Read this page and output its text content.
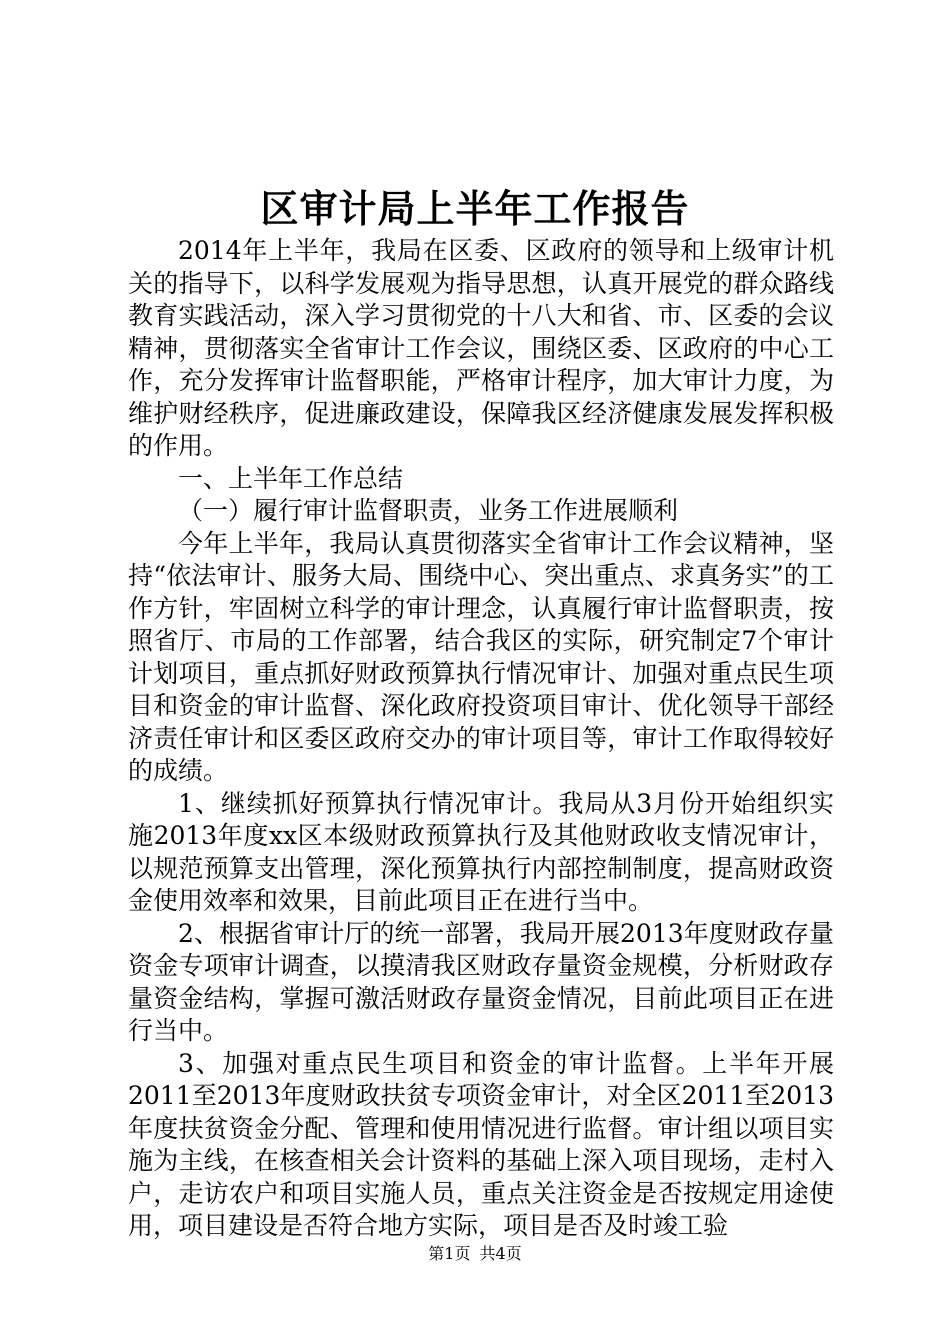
区审计局上半年工作报告

2014年上半年，我局在区委、区政府的领导和上级审计机关的指导下，以科学发展观为指导思想，认真开展党的群众路线教育实践活动，深入学习贯彻党的十八大和省、市、区委的会议精神，贯彻落实全省审计工作会议，围绕区委、区政府的中心工作，充分发挥审计监督职能，严格审计程序，加大审计力度，为维护财经秩序，促进廉政建设，保障我区经济健康发展发挥积极的作用。

一、上半年工作总结

（一）履行审计监督职责，业务工作进展顺利

今年上半年，我局认真贯彻落实全省审计工作会议精神，坚持“依法审计、服务大局、围绕中心、突出重点、求真务实”的工作方针，牢固树立科学的审计理念，认真履行审计监督职责，按照省厅、市局的工作部署，结合我区的实际，研究制定7个审计计划项目，重点抓好财政预算执行情况审计、加强对重点民生项目和资金的审计监督、深化政府投资项目审计、优化领导干部经济责任审计和区委区政府交办的审计项目等，审计工作取得较好的成绩。

1、继续抓好预算执行情况审计。我局从3月份开始组织实施2013年度xx区本级财政预算执行及其他财政收支情况审计，以规范预算支出管理，深化预算执行内部控制制度，提高财政资金使用效率和效果，目前此项目正在进行当中。

2、根据省审计厅的统一部署，我局开展2013年度财政存量资金专项审计调查，以摸清我区财政存量资金规模，分析财政存量资金结构，掌握可激活财政存量资金情况，目前此项目正在进行当中。

3、加强对重点民生项目和资金的审计监督。上半年开展2011至2013年度财政扶贫专项资金审计，对全区2011至2013年度扶贫资金分配、管理和使用情况进行监督。审计组以项目实施为主线，在核查相关会计资料的基础上深入项目现场，走村入户，走访农户和项目实施人员，重点关注资金是否按规定用途使用，项目建设是否符合地方实际，项目是否及时竣工验

第1页 共4页
